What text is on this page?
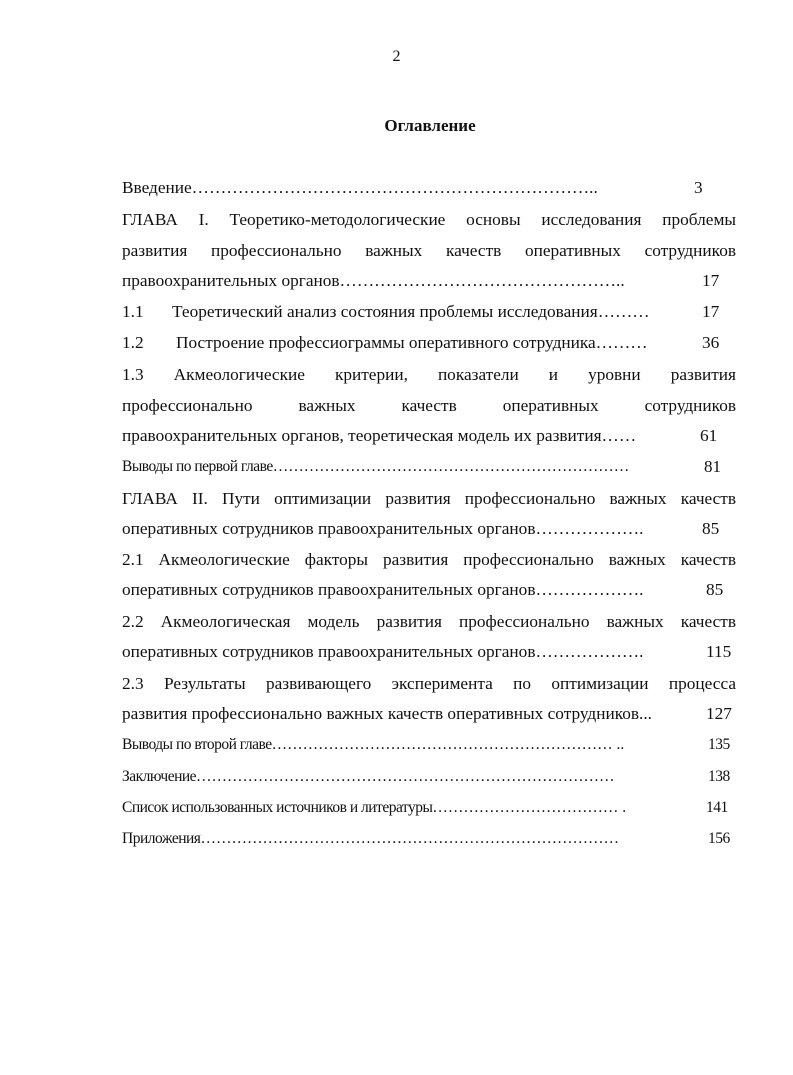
2
Оглавление
Введение……………………………………………………………..	3
ГЛАВА I. Теоретико-методологические основы исследования проблемы
развития профессионально важных качеств оперативных сотрудников
правоохранительных органов…………………………………………..	17
1.1 Теоретический анализ состояния проблемы исследования………	17
1.2 Построение профессиограммы оперативного сотрудника………	36
1.3 Акмеологические критерии, показатели и уровни развития
профессионально важных качеств оперативных сотрудников
правоохранительных органов, теоретическая модель их развития……	61
Выводы по первой главе……………………………………………………………	81
ГЛАВА II. Пути оптимизации развития профессионально важных качеств
оперативных сотрудников правоохранительных органов……………….	85
2.1 Акмеологические факторы развития профессионально важных качеств
оперативных сотрудников правоохранительных органов……………….	85
2.2 Акмеологическая модель развития профессионально важных качеств
оперативных сотрудников правоохранительных органов……………….	115
2.3 Результаты развивающего эксперимента по оптимизации процесса
развития профессионально важных качеств оперативных сотрудников...	127
Выводы по второй главе………………………………………………………… ..	135
Заключение………………………………………………………………………	138
Список использованных источников и литературы……………………………… .	141
Приложения………………………………………………………………………	156
